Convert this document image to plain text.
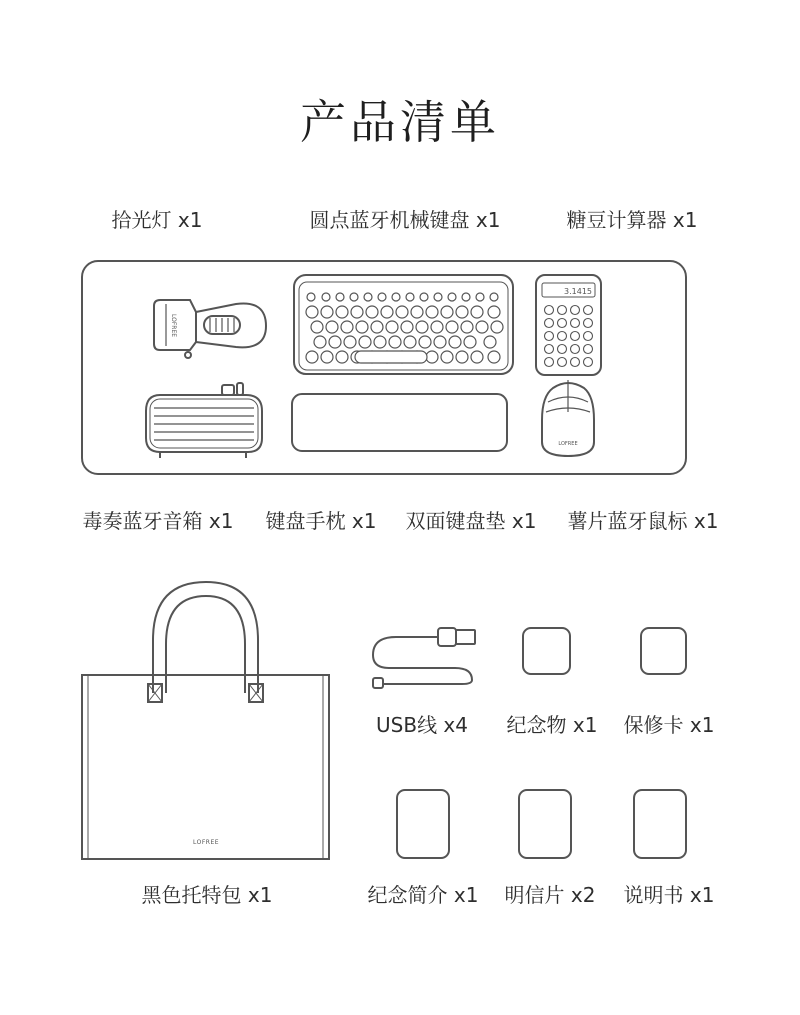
产品清单
拾光灯 x1	圆点蓝牙机械键盘 x1	糖豆计算器 x1
毒奏蓝牙音箱 x1 键盘手枕 x1 双面键盘垫 x1 薯片蓝牙鼠标 x1
USB线 x4 纪念物 x1 保修卡 x1
黑色托特包 x1	纪念简介 x1 明信片 x2 说明书 x1
LOFREE
3.1415
LOFREE
LOFREE
